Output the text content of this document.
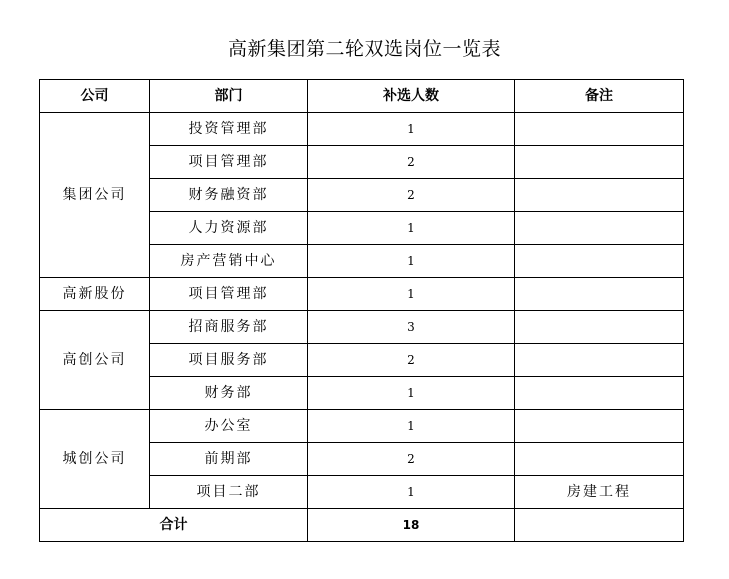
高新集团第二轮双选岗位一览表
公司	部门	补选人数	备注
集团公司	投资管理部	1	
	项目管理部	2	
	财务融资部	2	
	人力资源部	1	
	房产营销中心	1	
高新股份	项目管理部	1	
高创公司	招商服务部	3	
	项目服务部	2	
	财务部	1	
城创公司	办公室	1	
	前期部	2	
	项目二部	1	房建工程
合计		18	
